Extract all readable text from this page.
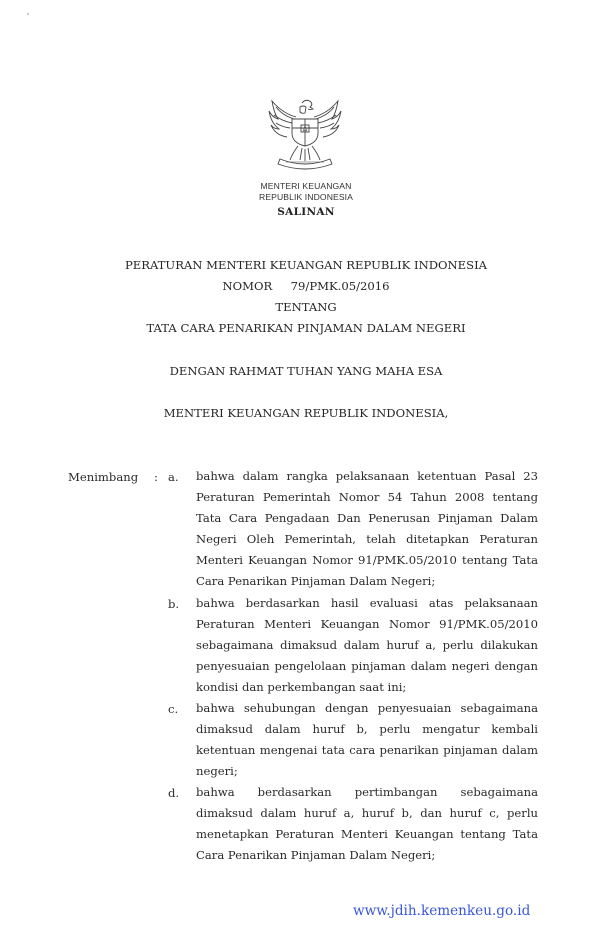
MENTERI KEUANGAN
REPUBLIK INDONESIA
SALINAN
PERATURAN MENTERI KEUANGAN REPUBLIK INDONESIA
NOMOR     79/PMK.05/2016
TENTANG
TATA CARA PENARIKAN PINJAMAN DALAM NEGERI
DENGAN RAHMAT TUHAN YANG MAHA ESA
MENTERI KEUANGAN REPUBLIK INDONESIA,
Menimbang : a. bahwa dalam rangka pelaksanaan ketentuan Pasal 23
Peraturan Pemerintah Nomor 54 Tahun 2008 tentang
Tata Cara Pengadaan Dan Penerusan Pinjaman Dalam
Negeri Oleh Pemerintah, telah ditetapkan Peraturan
Menteri Keuangan Nomor 91/PMK.05/2010 tentang Tata
Cara Penarikan Pinjaman Dalam Negeri;
b. bahwa berdasarkan hasil evaluasi atas pelaksanaan
Peraturan Menteri Keuangan Nomor 91/PMK.05/2010
sebagaimana dimaksud dalam huruf a, perlu dilakukan
penyesuaian pengelolaan pinjaman dalam negeri dengan
kondisi dan perkembangan saat ini;
c. bahwa sehubungan dengan penyesuaian sebagaimana
dimaksud dalam huruf b, perlu mengatur kembali
ketentuan mengenai tata cara penarikan pinjaman dalam
negeri;
d. bahwa berdasarkan pertimbangan sebagaimana
dimaksud dalam huruf a, huruf b, dan huruf c, perlu
menetapkan Peraturan Menteri Keuangan tentang Tata
Cara Penarikan Pinjaman Dalam Negeri;
www.jdih.kemenkeu.go.id
